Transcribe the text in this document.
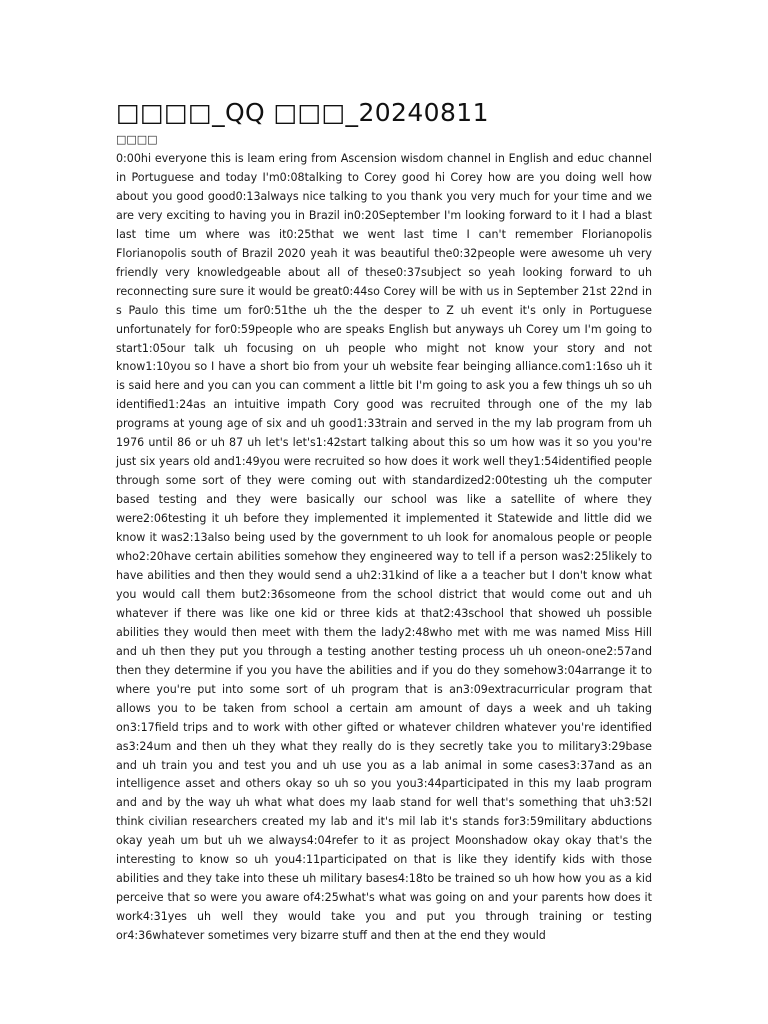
□□□□_QQ □□□_20240811
□□□□

0:00hi everyone this is leam ering from Ascension wisdom channel in English and educ channel in Portuguese and today I'm0:08talking to Corey good hi Corey how are you doing well how about you good good0:13always nice talking to you thank you very much for your time and we are very exciting to having you in Brazil in0:20September I'm looking forward to it I had a blast last time um where was it0:25that we went last time I can't remember Florianopolis Florianopolis south of Brazil 2020 yeah it was beautiful the0:32people were awesome uh very friendly very knowledgeable about all of these0:37subject so yeah looking forward to uh reconnecting sure sure it would be great0:44so Corey will be with us in September 21st 22nd in s Paulo this time um for0:51the uh the the desper to Z uh event it's only in Portuguese unfortunately for for0:59people who are speaks English but anyways uh Corey um I'm going to start1:05our talk uh focusing on uh people who might not know your story and not know1:10you so I have a short bio from your uh website fear beinging alliance.com1:16so uh it is said here and you can you can comment a little bit I'm going to ask you a few things uh so uh identified1:24as an intuitive impath Cory good was recruited through one of the my lab programs at young age of six and uh good1:33train and served in the my lab program from uh 1976 until 86 or uh 87 uh let's let's1:42start talking about this so um how was it so you you're just six years old and1:49you were recruited so how does it work well they1:54identified people through some sort of they were coming out with standardized2:00testing uh the computer based testing and they were basically our school was like a satellite of where they were2:06testing it uh before they implemented it implemented it Statewide and little did we know it was2:13also being used by the government to uh look for anomalous people or people who2:20have certain abilities somehow they engineered way to tell if a person was2:25likely to have abilities and then they would send a uh2:31kind of like a a teacher but I don't know what you would call them but2:36someone from the school district that would come out and uh whatever if there was like one kid or three kids at that2:43school that showed uh possible abilities they would then meet with them the lady2:48who met with me was named Miss Hill and uh then they put you through a testing another testing process uh uh oneon-one2:57and then they determine if you you have the abilities and if you do they somehow3:04arrange it to where you're put into some sort of uh program that is an3:09extracurricular program that allows you to be taken from school a certain am amount of days a week and uh taking on3:17field trips and to work with other gifted or whatever children whatever you're identified as3:24um and then uh they what they really do is they secretly take you to military3:29base and uh train you and test you and uh use you as a lab animal in some cases3:37and as an intelligence asset and others okay so uh so you you3:44participated in this my laab program and and by the way uh what what does my laab stand for well that's something that uh3:52I think civilian researchers created my lab and it's mil lab it's stands for3:59military abductions okay yeah um but uh we always4:04refer to it as project Moonshadow okay okay that's the interesting to know so uh you4:11participated on that is like they identify kids with those abilities and they take into these uh military bases4:18to be trained so uh how how you as a kid perceive that so were you aware of4:25what's what was going on and your parents how does it work4:31yes uh well they would take you and put you through training or testing or4:36whatever sometimes very bizarre stuff and then at the end they would
